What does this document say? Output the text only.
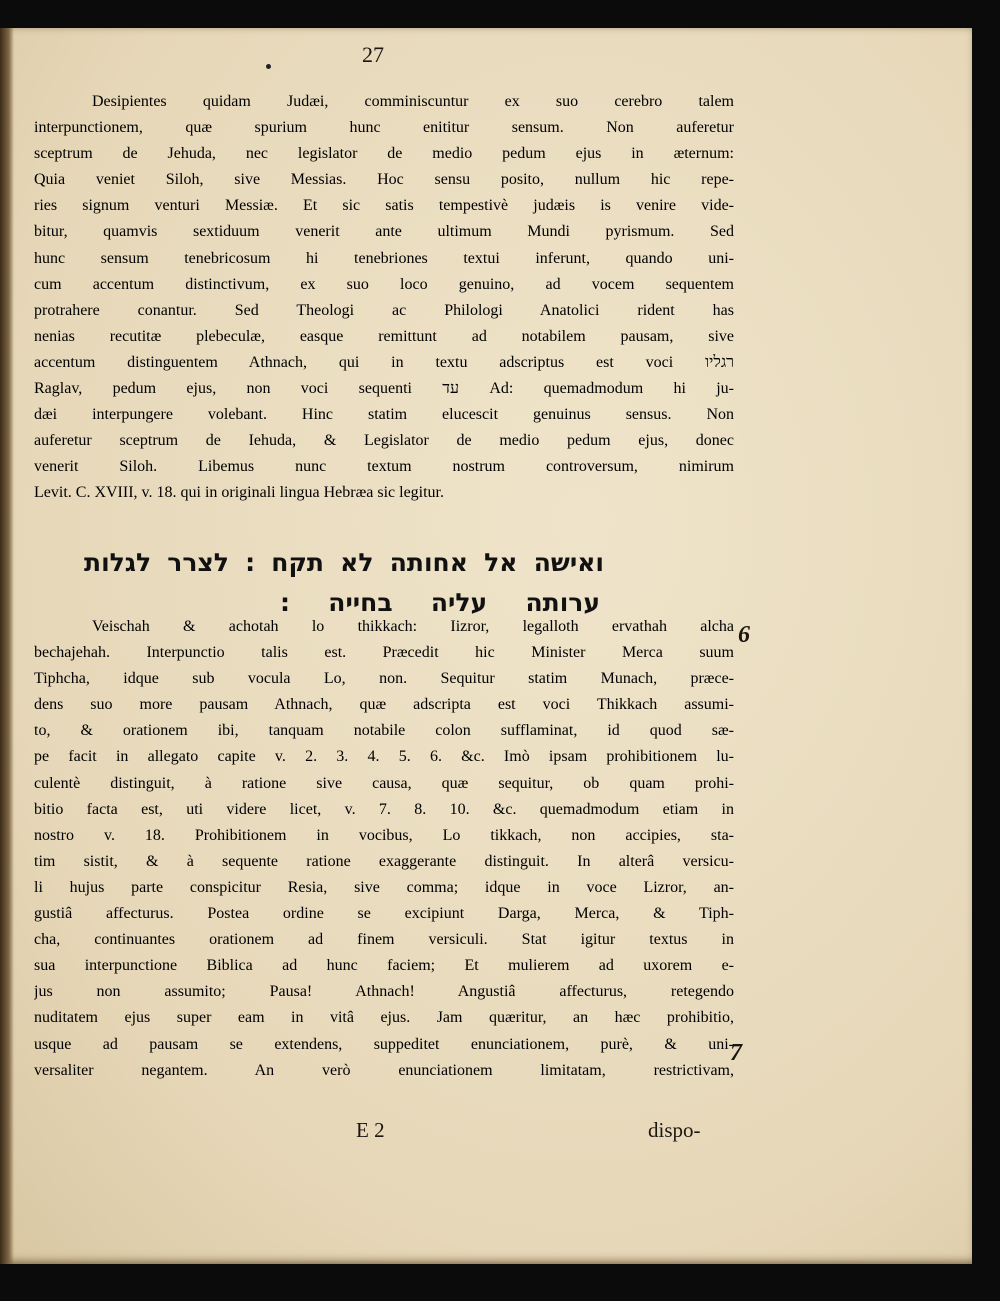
27
Desipientes quidam Judæi, comminiscuntur ex suo cerebro talem
interpunctionem, quæ spurium hunc enititur sensum. Non auferetur
sceptrum de Jehuda, nec legislator de medio pedum ejus in æternum:
Quia veniet Siloh, sive Messias. Hoc sensu posito, nullum hic repe-
ries signum venturi Messiæ. Et sic satis tempestivè judæis is venire vide-
bitur, quamvis sextiduum venerit ante ultimum Mundi pyrismum. Sed
hunc sensum tenebricosum hi tenebriones textui inferunt, quando uni-
cum accentum distinctivum, ex suo loco genuino, ad vocem sequentem
protrahere conantur. Sed Theologi ac Philologi Anatolici rident has
nenias recutitæ plebeculæ, easque remittunt ad notabilem pausam, sive
accentum distinguentem Athnach, qui in textu adscriptus est voci רגליו
Raglav, pedum ejus, non voci sequenti עד Ad: quemadmodum hi ju-
dæi interpungere volebant. Hinc statim elucescit genuinus sensus. Non
auferetur sceptrum de Iehuda, & Legislator de medio pedum ejus, donec
venerit Siloh. Libemus nunc textum nostrum controversum, nimirum
Levit. C. XVIII, v. 18. qui in originali lingua Hebræa sic legitur.
ואישה אל אחותה לא תקח : לצרר לגלות
ערותה עליה בחייה :
Veischah & achotah lo thikkach: Iizror, legalloth ervathah alcha
bechajehah. Interpunctio talis est. Præcedit hic Minister Merca suum
Tiphcha, idque sub vocula Lo, non. Sequitur statim Munach, præce-
dens suo more pausam Athnach, quæ adscripta est voci Thikkach assumi-
to, & orationem ibi, tanquam notabile colon sufflaminat, id quod sæ-
pe facit in allegato capite v. 2. 3. 4. 5. 6. &c. Imò ipsam prohibitionem lu-
culentè distinguit, à ratione sive causa, quæ sequitur, ob quam prohi-
bitio facta est, uti videre licet, v. 7. 8. 10. &c. quemadmodum etiam in
nostro v. 18. Prohibitionem in vocibus, Lo tikkach, non accipies, sta-
tim sistit, & à sequente ratione exaggerante distinguit. In alterâ versicu-
li hujus parte conspicitur Resia, sive comma; idque in voce Lizror, an-
gustiâ affecturus. Postea ordine se excipiunt Darga, Merca, & Tiph-
cha, continuantes orationem ad finem versiculi. Stat igitur textus in
sua interpunctione Biblica ad hunc faciem; Et mulierem ad uxorem e-
jus non assumito; Pausa! Athnach! Angustiâ affecturus, retegendo
nuditatem ejus super eam in vitâ ejus. Jam quæritur, an hæc prohibitio,
usque ad pausam se extendens, suppeditet enunciationem, purè, & uni-
versaliter negantem. An verò enunciationem limitatam, restrictivam,
6
7
E 2	dispo-
